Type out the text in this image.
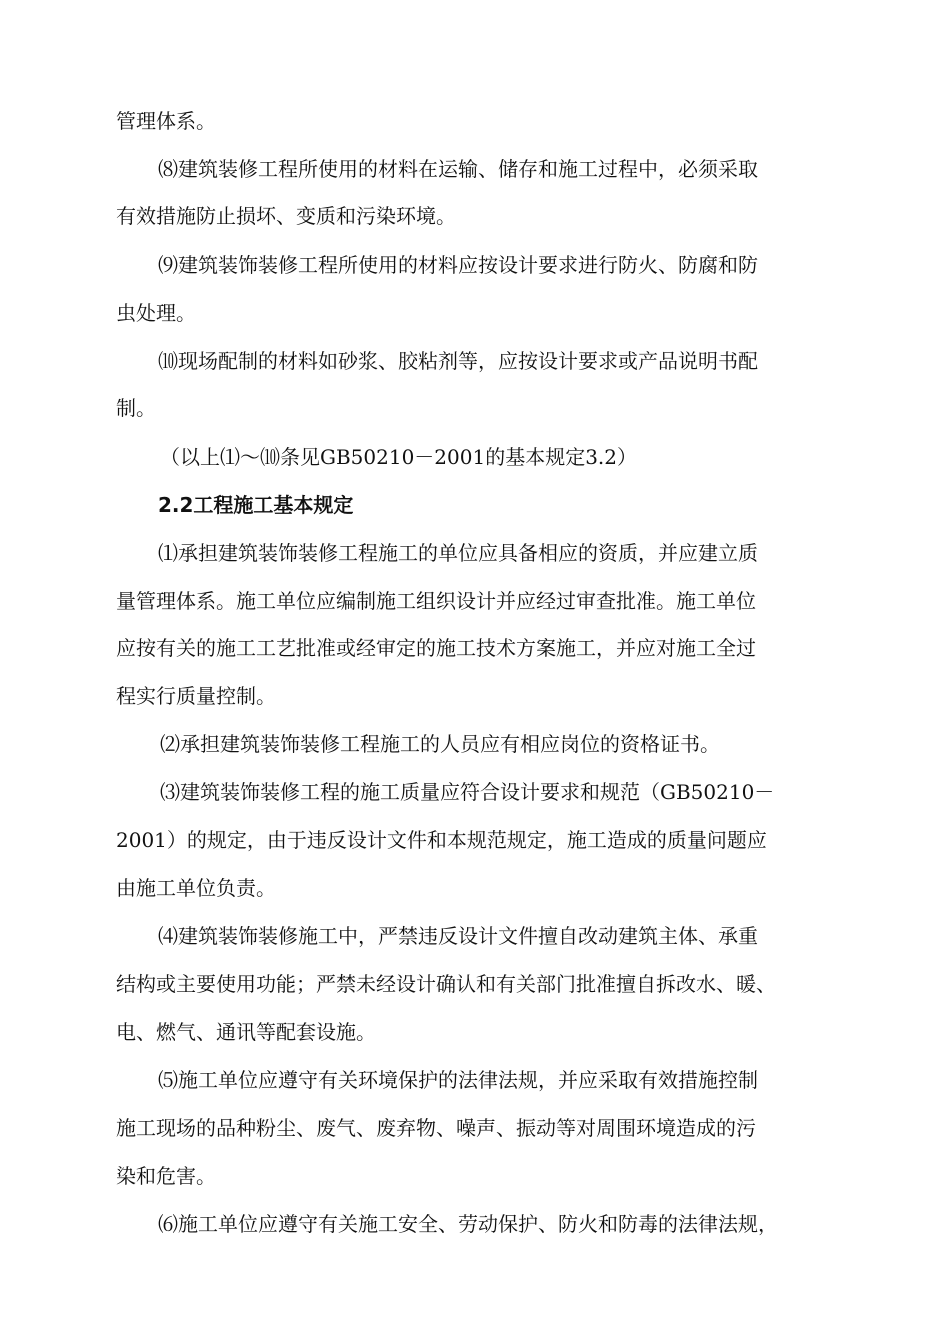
管理体系。
⑻建筑装修工程所使用的材料在运输、储存和施工过程中，必须采取
有效措施防止损坏、变质和污染环境。
⑼建筑装饰装修工程所使用的材料应按设计要求进行防火、防腐和防
虫处理。
⑽现场配制的材料如砂浆、胶粘剂等，应按设计要求或产品说明书配
制。
（以上⑴～⑽条见GB50210－2001的基本规定3.2）
2.2工程施工基本规定
⑴承担建筑装饰装修工程施工的单位应具备相应的资质，并应建立质
量管理体系。施工单位应编制施工组织设计并应经过审查批准。施工单位
应按有关的施工工艺批准或经审定的施工技术方案施工，并应对施工全过
程实行质量控制。
⑵承担建筑装饰装修工程施工的人员应有相应岗位的资格证书。
⑶建筑装饰装修工程的施工质量应符合设计要求和规范（GB50210－
2001）的规定，由于违反设计文件和本规范规定，施工造成的质量问题应
由施工单位负责。
⑷建筑装饰装修施工中，严禁违反设计文件擅自改动建筑主体、承重
结构或主要使用功能；严禁未经设计确认和有关部门批准擅自拆改水、暖、
电、燃气、通讯等配套设施。
⑸施工单位应遵守有关环境保护的法律法规，并应采取有效措施控制
施工现场的品种粉尘、废气、废弃物、噪声、振动等对周围环境造成的污
染和危害。
⑹施工单位应遵守有关施工安全、劳动保护、防火和防毒的法律法规，
